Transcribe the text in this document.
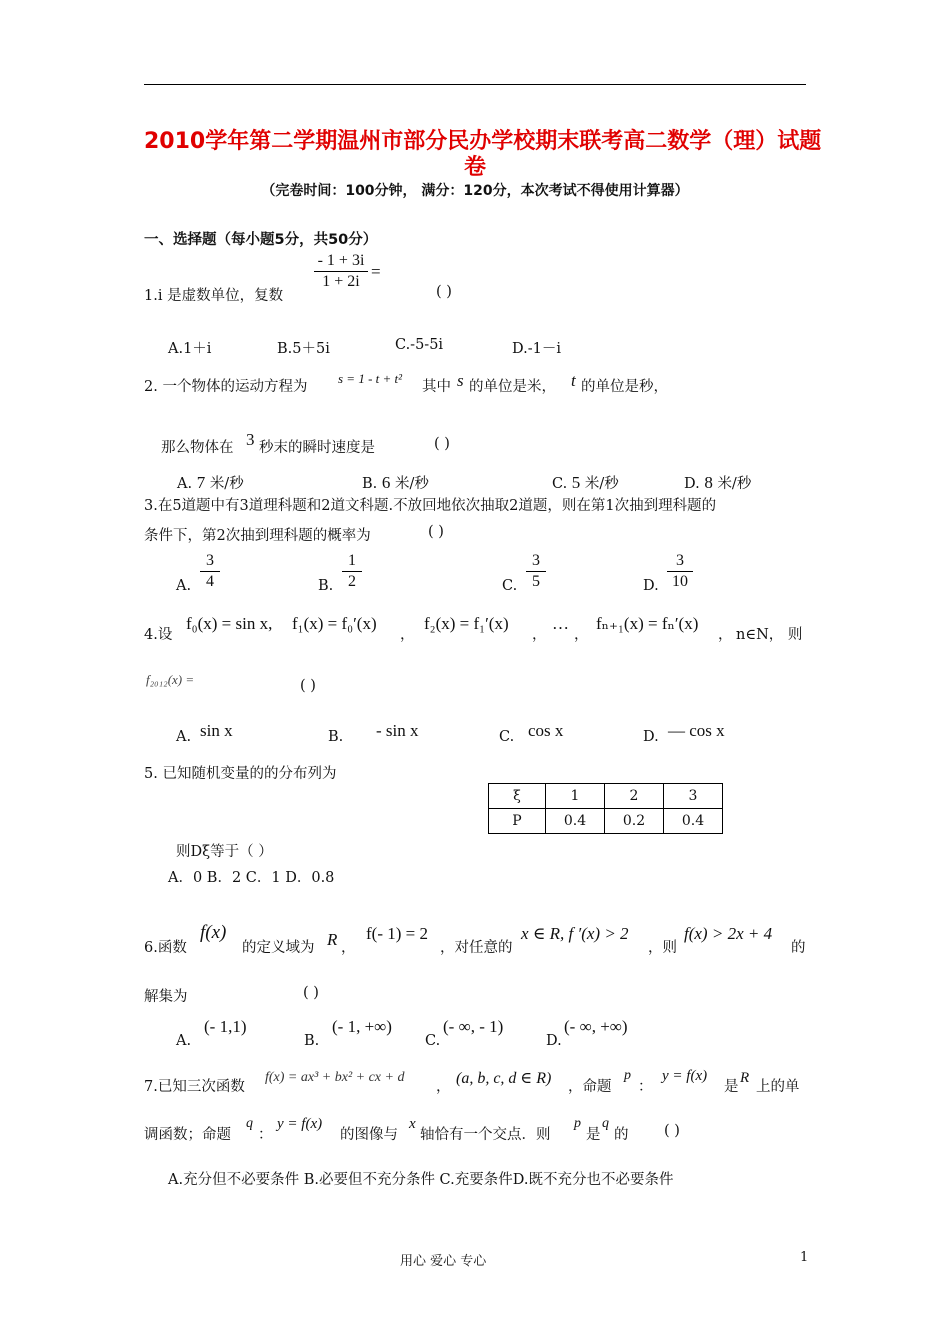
2010学年第二学期温州市部分民办学校期末联考高二数学（理）试题
卷
（完卷时间：100分钟， 满分：120分，本次考试不得使用计算器）
一、选择题（每小题5分，共50分）
1.i 是虚数单位，复数
$\frac{- 1 + 3i}{1 + 2i}$ =
( )
A.1＋i	B.5＋5i	C.-5-5i	D.-1－i
2. 一个物体的运动方程为
s = 1 - t + t²
其中 s 的单位是米， t 的单位是秒，
那么物体在 3 秒末的瞬时速度是	( )
A. 7 米/秒	B. 6 米/秒	C. 5 米/秒	D. 8 米/秒
3.在5道题中有3道理科题和2道文科题.不放回地依次抽取2道题，则在第1次抽到理科题的
条件下，第2次抽到理科题的概率为	( )
A. $\frac{3}{4}$	B. $\frac{1}{2}$	C. $\frac{3}{5}$	D. $\frac{3}{10}$
4.设
f₀(x) = sin x, f₁(x) = f₀′(x)
，
f₂(x) = f₁′(x)
，
…
，
fₙ₊₁(x) = fₙ′(x)
， n∈N， 则
f₂₀₁₂(x) =	( )
A. sin x	B. - sin x	C. cos x	D. — cos x
5. 已知随机变量的的分布列为
ξ	1	2	3
P	0.4	0.2	0.4
则Dξ等于（ ）
A．0 B．2 C．1 D．0.8
6.函数
f(x)
的定义域为 R ，
f(- 1) = 2
，对任意的
x ∈ R, f ′(x) > 2
，则
f(x) > 2x + 4
的
解集为	( )
A.
(- 1,1)
B.
(- 1, +∞)
C.
(- ∞, - 1)
D.
(- ∞, +∞)
7.已知三次函数
f(x) = ax³ + bx² + cx + d
， (a, b, c, d ∈ R) ，命题
p
：
y = f(x)
是
R
上的单
调函数；命题
q
：
y = f(x)
的图像与
x
轴恰有一个交点．则
p
是
q
的 ( )
A.充分但不必要条件 B.必要但不充分条件 C.充要条件D.既不充分也不必要条件
用心 爱心 专心	1
